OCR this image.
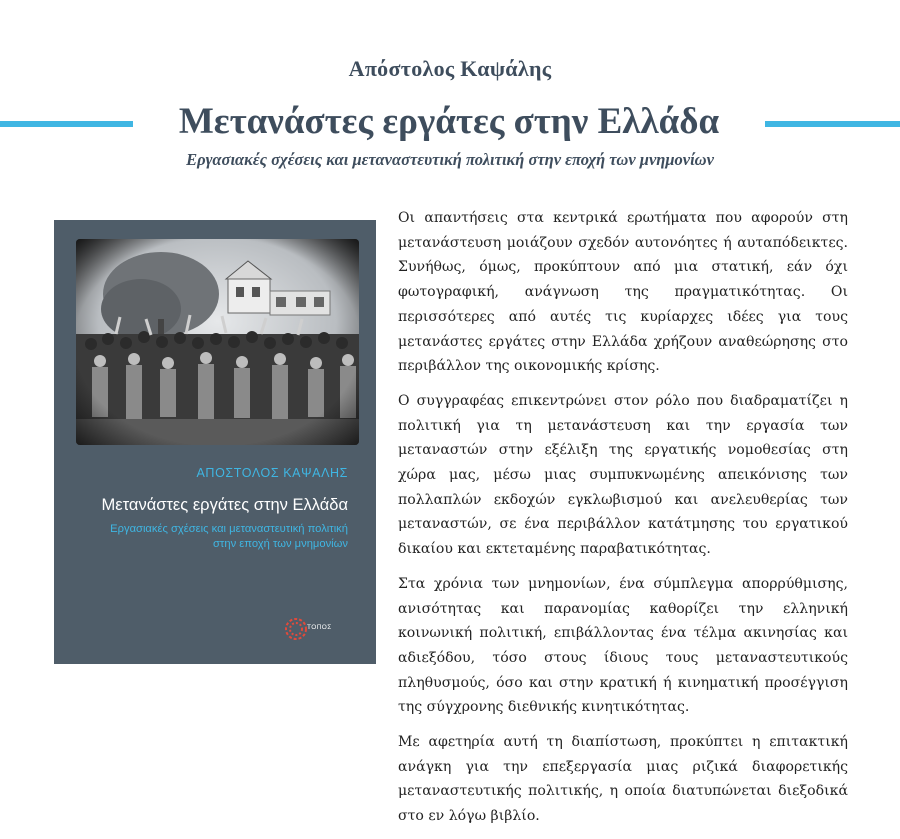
Απόστολος Καψάλης
Μετανάστες εργάτες στην Ελλάδα
Εργασιακές σχέσεις και μεταναστευτική πολιτική στην εποχή των μνημονίων
ΑΠΟΣΤΟΛΟΣ ΚΑΨΑΛΗΣ
Μετανάστες εργάτες στην Ελλάδα
Εργασιακές σχέσεις και μεταναστευτική πολιτική
στην εποχή των μνημονίων
ΤΟΠΟΣ

Οι απαντήσεις στα κεντρικά ερωτήματα που αφορούν στη μετανάστευση μοιάζουν σχεδόν αυτονόητες ή αυταπόδεικτες. Συνήθως, όμως, προκύπτουν από μια στατική, εάν όχι φωτογραφική, ανάγνωση της πραγματικότητας. Οι περισσότερες από αυτές τις κυρίαρχες ιδέες για τους μετανάστες εργάτες στην Ελλάδα χρήζουν αναθεώρησης στο περιβάλλον της οικονομικής κρίσης.

Ο συγγραφέας επικεντρώνει στον ρόλο που διαδραματίζει η πολιτική για τη μετανάστευση και την εργασία των μεταναστών στην εξέλιξη της εργατικής νομοθεσίας στη χώρα μας, μέσω μιας συμπυκνωμένης απεικόνισης των πολλαπλών εκδοχών εγκλωβισμού και ανελευθερίας των μεταναστών, σε ένα περιβάλλον κατάτμησης του εργατικού δικαίου και εκτεταμένης παραβατικότητας.

Στα χρόνια των μνημονίων, ένα σύμπλεγμα απορρύθμισης, ανισότητας και παρανομίας καθορίζει την ελληνική κοινωνική πολιτική, επιβάλλοντας ένα τέλμα ακινησίας και αδιεξόδου, τόσο στους ίδιους τους μεταναστευτικούς πληθυσμούς, όσο και στην κρατική ή κινηματική προσέγγιση της σύγχρονης διεθνικής κινητικότητας.

Με αφετηρία αυτή τη διαπίστωση, προκύπτει η επιτακτική ανάγκη για την επεξεργασία μιας ριζικά διαφορετικής μεταναστευτικής πολιτικής, η οποία διατυπώνεται διεξοδικά στο εν λόγω βιβλίο.
